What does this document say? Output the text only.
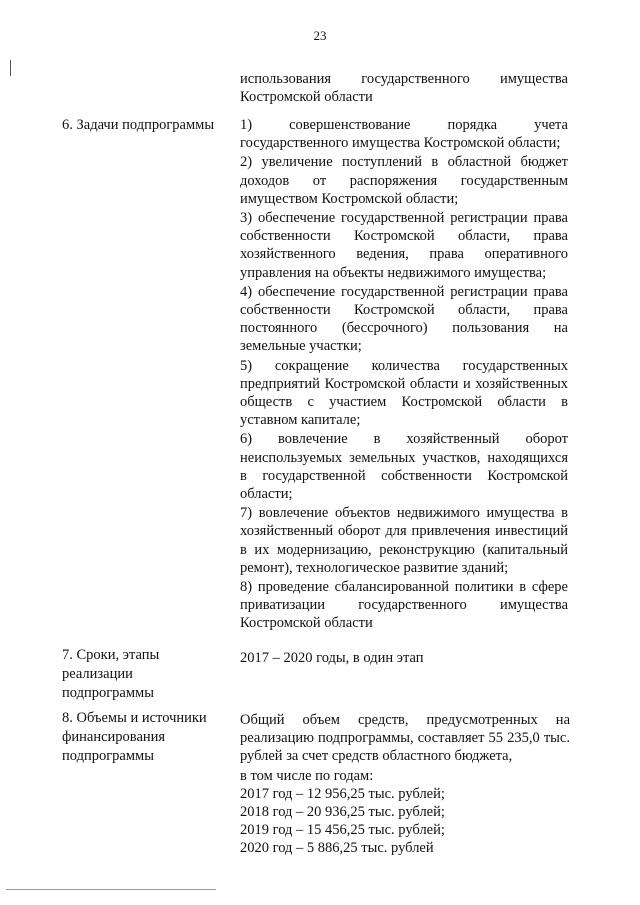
23

использования государственного имущества Костромской области

6. Задачи подпрограммы	1) совершенствование порядка учета государственного имущества Костромской области;

2) увеличение поступлений в областной бюджет доходов от распоряжения государственным имуществом Костромской области;

3) обеспечение государственной регистрации права собственности Костромской области, права хозяйственного ведения, права оперативного управления на объекты недвижимого имущества;

4) обеспечение государственной регистрации права собственности Костромской области, права постоянного (бессрочного) пользования на земельные участки;

5) сокращение количества государственных предприятий Костромской области и хозяйственных обществ с участием Костромской области в уставном капитале;

6) вовлечение в хозяйственный оборот неиспользуемых земельных участков, находящихся в государственной собственности Костромской области;

7) вовлечение объектов недвижимого имущества в хозяйственный оборот для привлечения инвестиций в их модернизацию, реконструкцию (капитальный ремонт), технологическое развитие зданий;

8) проведение сбалансированной политики в сфере приватизации государственного имущества Костромской области

7. Сроки, этапы
реализации
подпрограммы

2017 – 2020 годы, в один этап

8. Объемы и источники
финансирования
подпрограммы

Общий объем средств, предусмотренных на реализацию подпрограммы, составляет 55 235,0 тыс. рублей за счет средств областного бюджета,

в том числе по годам:
2017 год – 12 956,25 тыс. рублей;
2018 год – 20 936,25 тыс. рублей;
2019 год – 15 456,25 тыс. рублей;
2020 год – 5 886,25 тыс. рублей
